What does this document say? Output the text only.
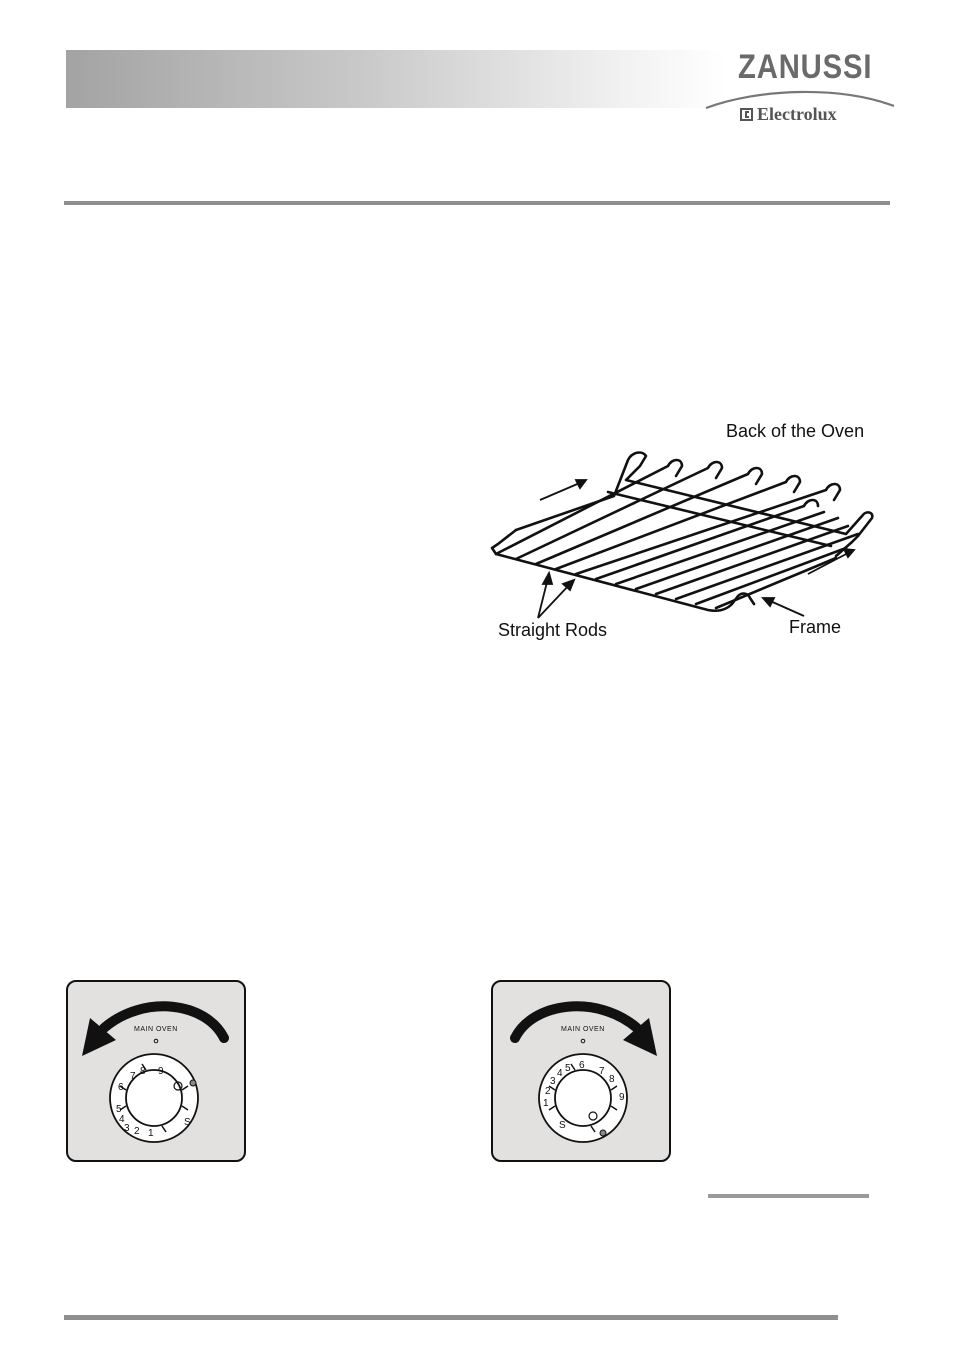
ZANUSSI
Electrolux
Back of the Oven
Straight Rods	Frame
9
8
7
6
5
4
3 2 1
S
MAIN OVEN
1
2
3
4 5 6
7
8
9
S
MAIN OVEN
